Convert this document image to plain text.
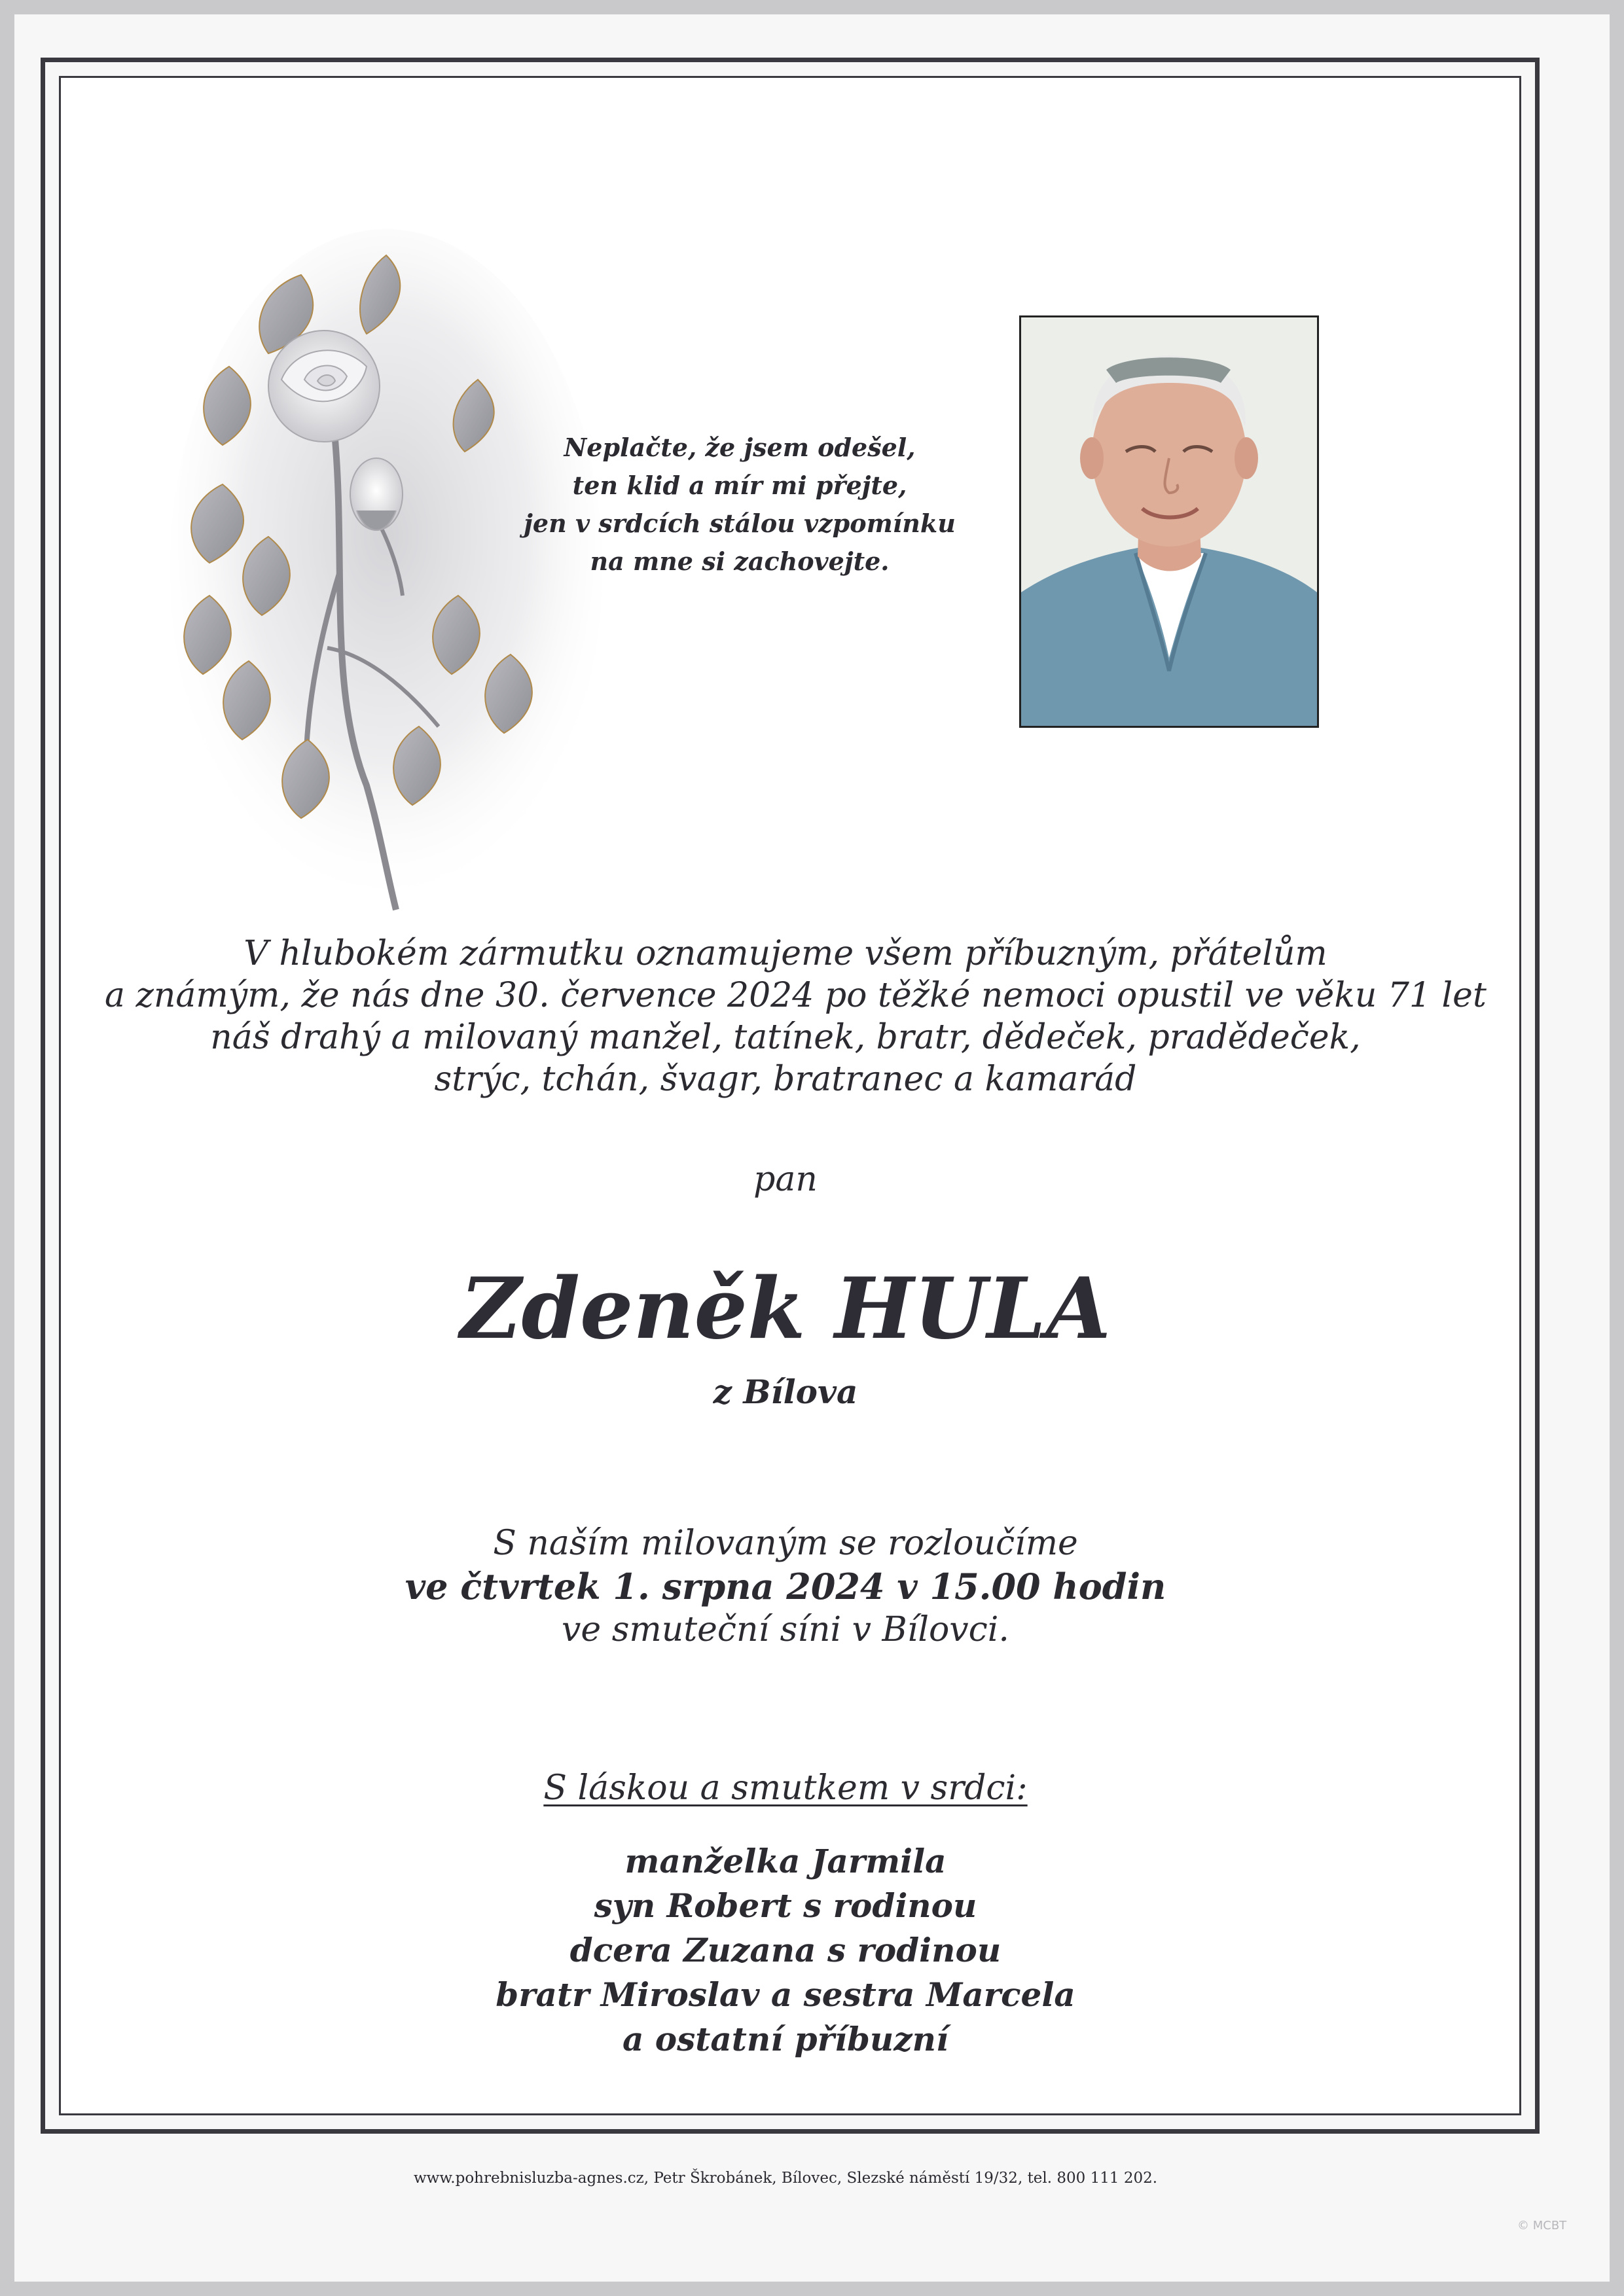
Neplačte, že jsem odešel,
ten klid a mír mi přejte,
jen v srdcích stálou vzpomínku
na mne si zachovejte.
V hlubokém zármutku oznamujeme všem příbuzným, přátelům
a známým, že nás dne 30. července 2024 po těžké nemoci opustil ve věku 71 let
náš drahý a milovaný manžel, tatínek, bratr, dědeček, pradědeček,
strýc, tchán, švagr, bratranec a kamarád
pan
Zdeněk HULA
z Bílova
S naším milovaným se rozloučíme
ve čtvrtek 1. srpna 2024 v 15.00 hodin
ve smuteční síni v Bílovci.
S láskou a smutkem v srdci:
manželka Jarmila
syn Robert s rodinou
dcera Zuzana s rodinou
bratr Miroslav a sestra Marcela
a ostatní příbuzní
www.pohrebnisluzba-agnes.cz, Petr Škrobánek, Bílovec, Slezské náměstí 19/32, tel. 800 111 202.
© MCBT
